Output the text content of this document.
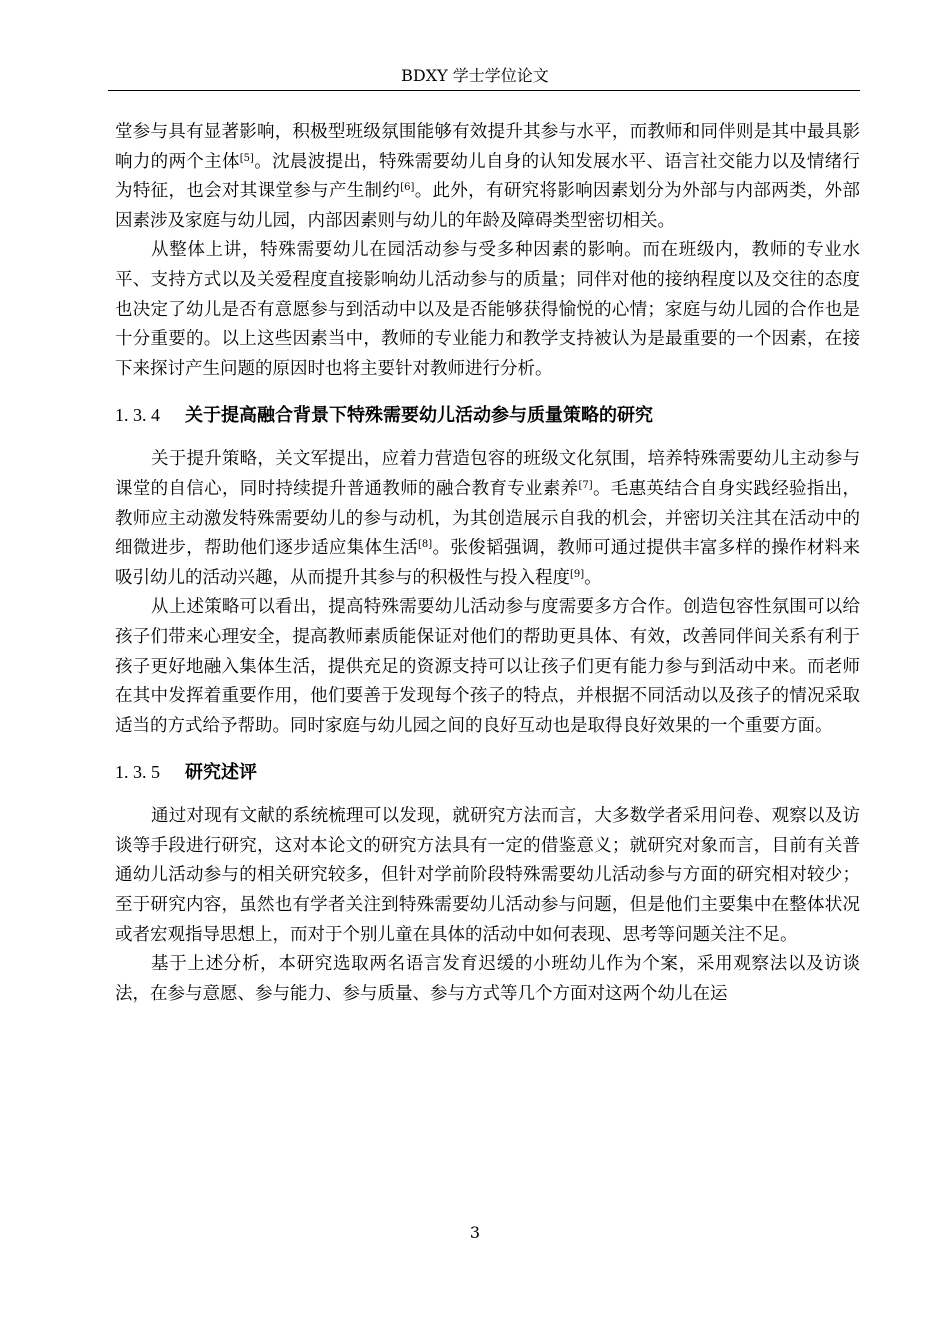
BDXY 学士学位论文

堂参与具有显著影响，积极型班级氛围能够有效提升其参与水平，而教师和同伴则是其中最具影响力的两个主体[5]。沈晨波提出，特殊需要幼儿自身的认知发展水平、语言社交能力以及情绪行为特征，也会对其课堂参与产生制约[6]。此外，有研究将影响因素划分为外部与内部两类，外部因素涉及家庭与幼儿园，内部因素则与幼儿的年龄及障碍类型密切相关。

从整体上讲，特殊需要幼儿在园活动参与受多种因素的影响。而在班级内，教师的专业水平、支持方式以及关爱程度直接影响幼儿活动参与的质量；同伴对他的接纳程度以及交往的态度也决定了幼儿是否有意愿参与到活动中以及是否能够获得愉悦的心情；家庭与幼儿园的合作也是十分重要的。以上这些因素当中，教师的专业能力和教学支持被认为是最重要的一个因素，在接下来探讨产生问题的原因时也将主要针对教师进行分析。

1. 3. 4 关于提高融合背景下特殊需要幼儿活动参与质量策略的研究

关于提升策略，关文军提出，应着力营造包容的班级文化氛围，培养特殊需要幼儿主动参与课堂的自信心，同时持续提升普通教师的融合教育专业素养[7]。毛惠英结合自身实践经验指出，教师应主动激发特殊需要幼儿的参与动机，为其创造展示自我的机会，并密切关注其在活动中的细微进步，帮助他们逐步适应集体生活[8]。张俊韬强调，教师可通过提供丰富多样的操作材料来吸引幼儿的活动兴趣，从而提升其参与的积极性与投入程度[9]。

从上述策略可以看出，提高特殊需要幼儿活动参与度需要多方合作。创造包容性氛围可以给孩子们带来心理安全，提高教师素质能保证对他们的帮助更具体、有效，改善同伴间关系有利于孩子更好地融入集体生活，提供充足的资源支持可以让孩子们更有能力参与到活动中来。而老师在其中发挥着重要作用，他们要善于发现每个孩子的特点，并根据不同活动以及孩子的情况采取适当的方式给予帮助。同时家庭与幼儿园之间的良好互动也是取得良好效果的一个重要方面。

1. 3. 5 研究述评

通过对现有文献的系统梳理可以发现，就研究方法而言，大多数学者采用问卷、观察以及访谈等手段进行研究，这对本论文的研究方法具有一定的借鉴意义；就研究对象而言，目前有关普通幼儿活动参与的相关研究较多，但针对学前阶段特殊需要幼儿活动参与方面的研究相对较少；至于研究内容，虽然也有学者关注到特殊需要幼儿活动参与问题，但是他们主要集中在整体状况或者宏观指导思想上，而对于个别儿童在具体的活动中如何表现、思考等问题关注不足。

基于上述分析，本研究选取两名语言发育迟缓的小班幼儿作为个案，采用观察法以及访谈法，在参与意愿、参与能力、参与质量、参与方式等几个方面对这两个幼儿在运

3
